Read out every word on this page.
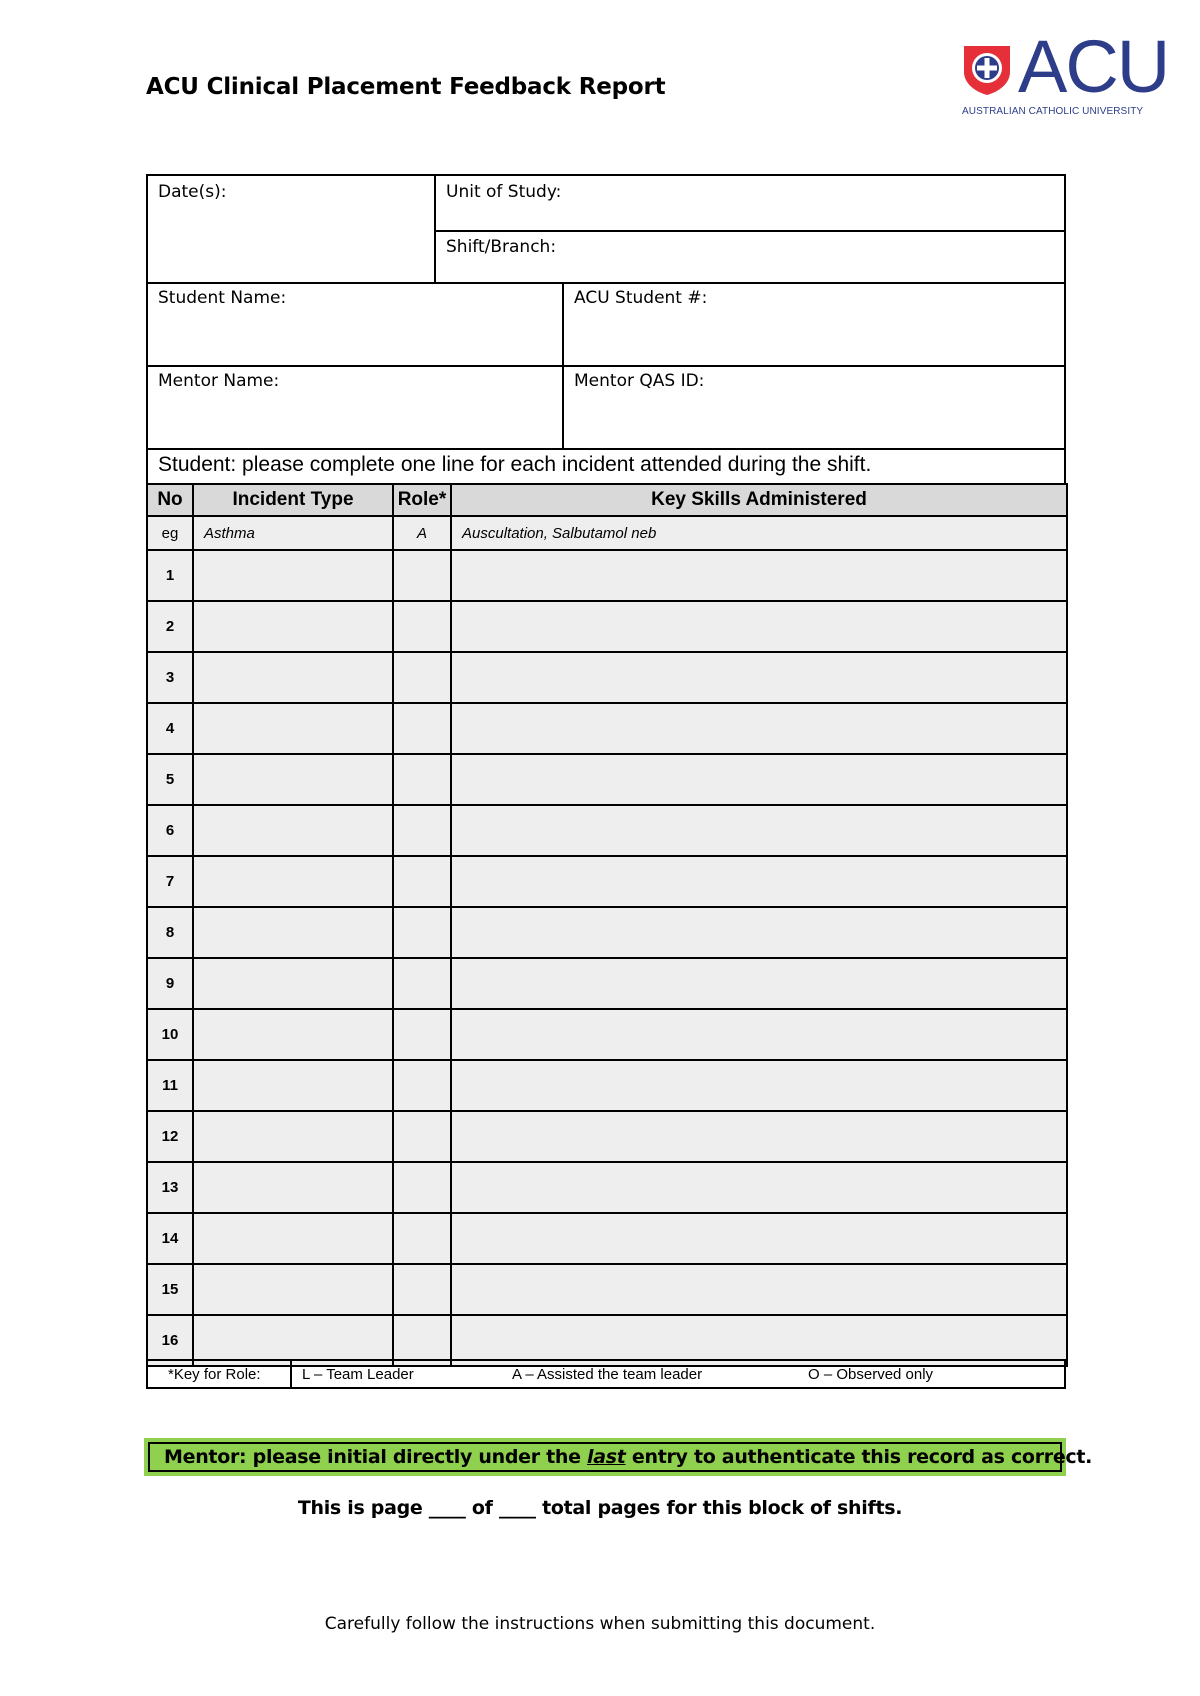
ACU Clinical Placement Feedback Report	ACU
AUSTRALIAN CATHOLIC UNIVERSITY
Date(s):	Unit of Study:
Shift/Branch:
Student Name:	ACU Student #:
Mentor Name:	Mentor QAS ID:
Student: please complete one line for each incident attended during the shift.
No	Incident Type	Role*	Key Skills Administered
eg	Asthma	A	Auscultation, Salbutamol neb
1			
2			
3			
4			
5			
6			
7			
8			
9			
10			
11			
12			
13			
14			
15			
16			
*Key for Role:	L – Team Leader	A – Assisted the team leader	O – Observed only
Mentor: please initial directly under the last entry to authenticate this record as correct.
This is page ____ of ____ total pages for this block of shifts.
Carefully follow the instructions when submitting this document.
